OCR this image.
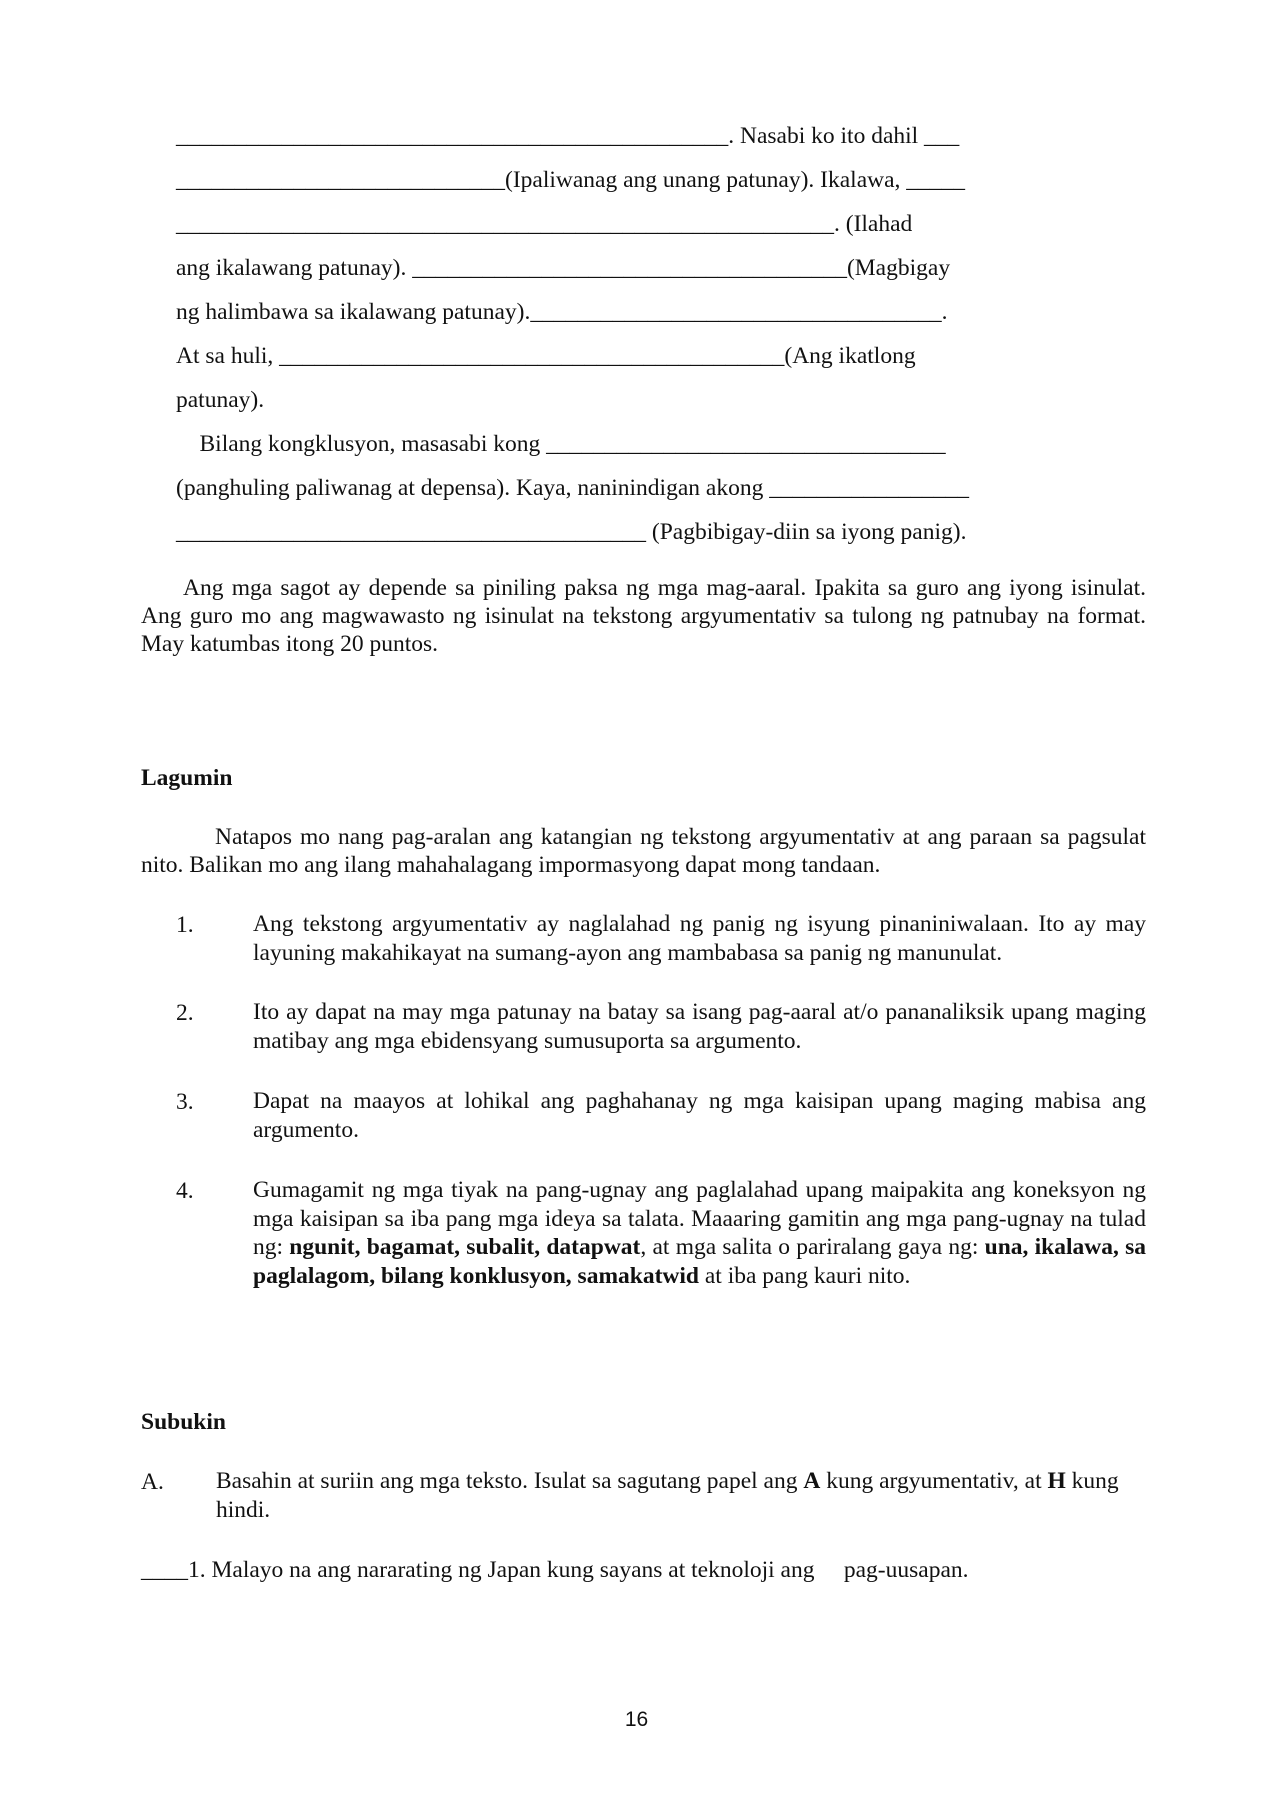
_______________________________________________. Nasabi ko ito dahil ___
____________________________(Ipaliwanag ang unang patunay). Ikalawa, _____
________________________________________________________. (Ilahad
ang ikalawang patunay). _____________________________________(Magbigay
ng halimbawa sa ikalawang patunay).___________________________________.
At sa huli, ___________________________________________(Ang ikatlong
patunay).
Bilang kongklusyon, masasabi kong __________________________________
(panghuling paliwanag at depensa). Kaya, naninindigan akong _________________
________________________________________ (Pagbibigay-diin sa iyong panig).

Ang mga sagot ay depende sa piniling paksa ng mga mag-aaral. Ipakita sa guro ang iyong isinulat. Ang guro mo ang magwawasto ng isinulat na tekstong argyumentativ sa tulong ng patnubay na format. May katumbas itong 20 puntos.

Lagumin

Natapos mo nang pag-aralan ang katangian ng tekstong argyumentativ at ang paraan sa pagsulat nito. Balikan mo ang ilang mahahalagang impormasyong dapat mong tandaan.

1.	Ang tekstong argyumentativ ay naglalahad ng panig ng isyung pinaniniwalaan. Ito ay may layuning makahikayat na sumang-ayon ang mambabasa sa panig ng manunulat.

2.	Ito ay dapat na may mga patunay na batay sa isang pag-aaral at/o pananaliksik upang maging matibay ang mga ebidensyang sumusuporta sa argumento.

3.	Dapat na maayos at lohikal ang paghahanay ng mga kaisipan upang maging mabisa ang argumento.

4.	Gumagamit ng mga tiyak na pang-ugnay ang paglalahad upang maipakita ang koneksyon ng mga kaisipan sa iba pang mga ideya sa talata. Maaaring gamitin ang mga pang-ugnay na tulad ng: ngunit, bagamat, subalit, datapwat, at mga salita o pariralang gaya ng: una, ikalawa, sa paglalagom, bilang konklusyon, samakatwid at iba pang kauri nito.

Subukin
A. Basahin at suriin ang mga teksto. Isulat sa sagutang papel ang A kung argyumentativ, at H kung hindi.

____1. Malayo na ang nararating ng Japan kung sayans at teknoloji ang     pag-uusapan.
16
